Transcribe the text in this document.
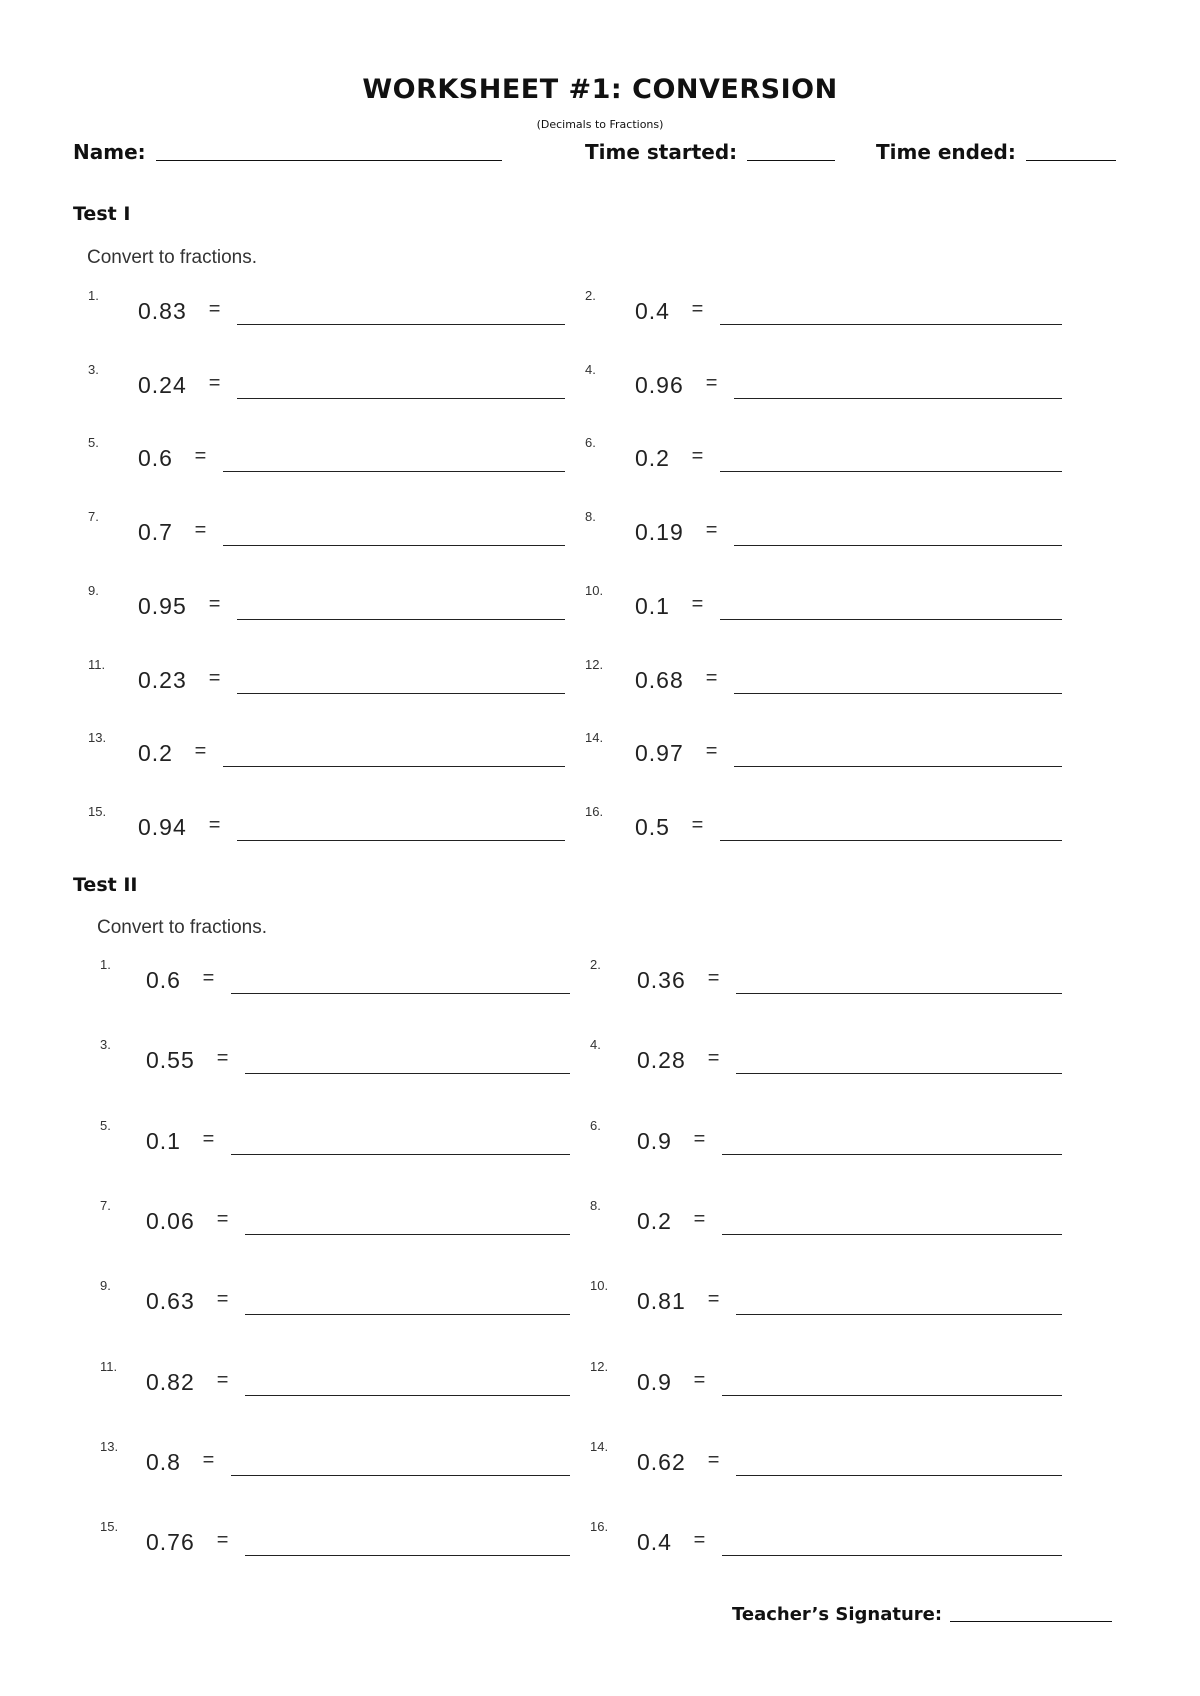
WORKSHEET #1: CONVERSION
(Decimals to Fractions)
Name:	Time started:	Time ended:
Test I
Convert to fractions.
1.
0.83 =
2.
0.4 =
3.
0.24 =
4.
0.96 =
5.
0.6 =
6.
0.2 =
7.
0.7 =
8.
0.19 =
9.
0.95 =
10.
0.1 =
11.
0.23 =
12.
0.68 =
13.
0.2 =
14.
0.97 =
15.
0.94 =
16.
0.5 =
Test II
Convert to fractions.
1.
0.6 =
2.
0.36 =
3.
0.55 =
4.
0.28 =
5.
0.1 =
6.
0.9 =
7.
0.06 =
8.
0.2 =
9.
0.63 =
10.
0.81 =
11.
0.82 =
12.
0.9 =
13.
0.8 =
14.
0.62 =
15.
0.76 =
16.
0.4 =
Teacher’s Signature:
